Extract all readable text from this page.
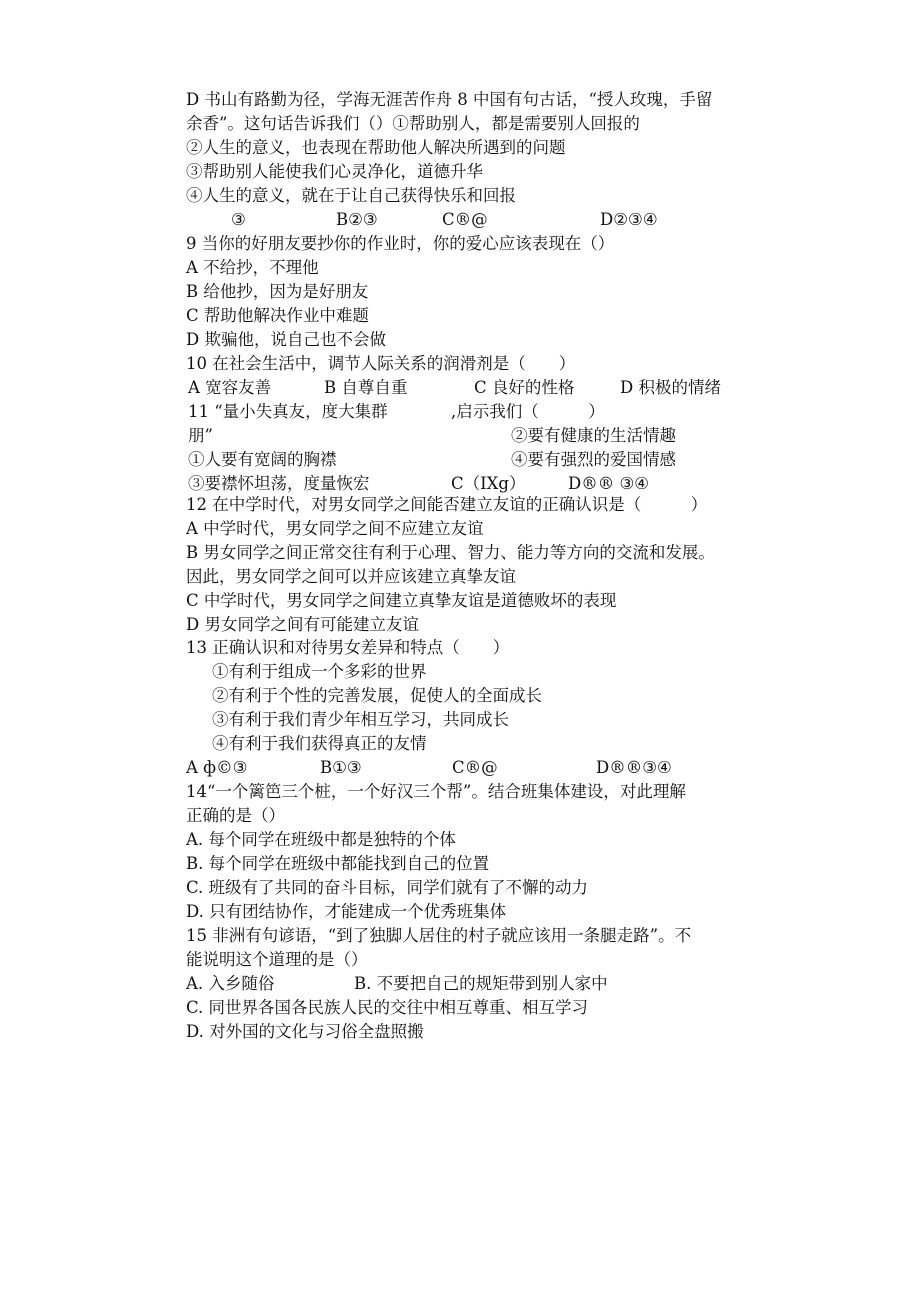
D 书山有路勤为径，学海无涯苦作舟 8 中国有句古话，“授人玫瑰，手留
余香”。这句话告诉我们（）①帮助别人，都是需要别人回报的
②人生的意义，也表现在帮助他人解决所遇到的问题
③帮助别人能使我们心灵净化，道德升华
④人生的意义，就在于让自己获得快乐和回报
③	B②③	C®@	D②③④
9 当你的好朋友要抄你的作业时，你的爱心应该表现在（）
A 不给抄，不理他
B 给他抄，因为是好朋友
C 帮助他解决作业中难题
D 欺骗他，说自己也不会做
10 在社会生活中，调节人际关系的润滑剂是（　　）
A 宽容友善	B 自尊自重	C 良好的性格	D 积极的情绪
11 “量小失真友，度大集群	,启示我们（　　　）
朋”	②要有健康的生活情趣
①人要有宽阔的胸襟	④要有强烈的爱国情感
③要襟怀坦荡，度量恢宏	C（IXg）	D®® ③④
12 在中学时代，对男女同学之间能否建立友谊的正确认识是（　　　）
A 中学时代，男女同学之间不应建立友谊
B 男女同学之间正常交往有利于心理、智力、能力等方向的交流和发展。
因此，男女同学之间可以并应该建立真挚友谊
C 中学时代，男女同学之间建立真挚友谊是道德败坏的表现
D 男女同学之间有可能建立友谊
13 正确认识和对待男女差异和特点（　　）
①有利于组成一个多彩的世界
②有利于个性的完善发展，促使人的全面成长
③有利于我们青少年相互学习，共同成长
④有利于我们获得真正的友情
A ф©③	B①③	C®@	D®®③④
14“一个篱笆三个桩，一个好汉三个帮”。结合班集体建设，对此理解
正确的是（）
A. 每个同学在班级中都是独特的个体
B. 每个同学在班级中都能找到自己的位置
C. 班级有了共同的奋斗目标，同学们就有了不懈的动力
D. 只有团结协作，才能建成一个优秀班集体
15 非洲有句谚语，“到了独脚人居住的村子就应该用一条腿走路”。不
能说明这个道理的是（）
A. 入乡随俗	B. 不要把自己的规矩带到别人家中
C. 同世界各国各民族人民的交往中相互尊重、相互学习
D. 对外国的文化与习俗全盘照搬
